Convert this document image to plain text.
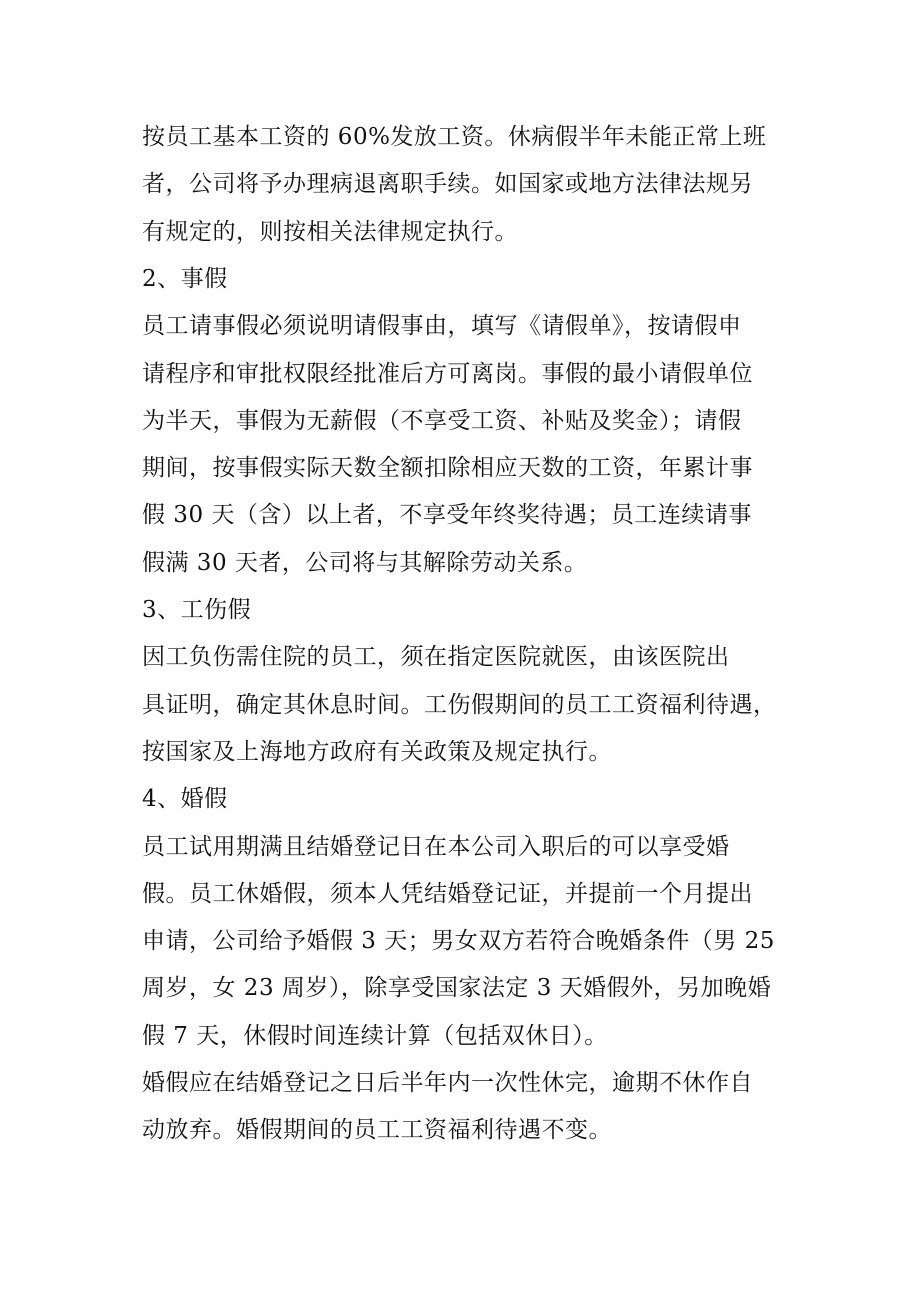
按员工基本工资的 60%发放工资。休病假半年未能正常上班
者，公司将予办理病退离职手续。如国家或地方法律法规另
有规定的，则按相关法律规定执行。
2、事假
员工请事假必须说明请假事由，填写《请假单》，按请假申
请程序和审批权限经批准后方可离岗。事假的最小请假单位
为半天，事假为无薪假（不享受工资、补贴及奖金）；请假
期间，按事假实际天数全额扣除相应天数的工资，年累计事
假 30 天（含）以上者，不享受年终奖待遇；员工连续请事
假满 30 天者，公司将与其解除劳动关系。
3、工伤假
因工负伤需住院的员工，须在指定医院就医，由该医院出
具证明，确定其休息时间。工伤假期间的员工工资福利待遇，
按国家及上海地方政府有关政策及规定执行。
4、婚假
员工试用期满且结婚登记日在本公司入职后的可以享受婚
假。员工休婚假，须本人凭结婚登记证，并提前一个月提出
申请，公司给予婚假 3 天；男女双方若符合晚婚条件（男 25
周岁，女 23 周岁），除享受国家法定 3 天婚假外，另加晚婚
假 7 天，休假时间连续计算（包括双休日）。
婚假应在结婚登记之日后半年内一次性休完，逾期不休作自
动放弃。婚假期间的员工工资福利待遇不变。
